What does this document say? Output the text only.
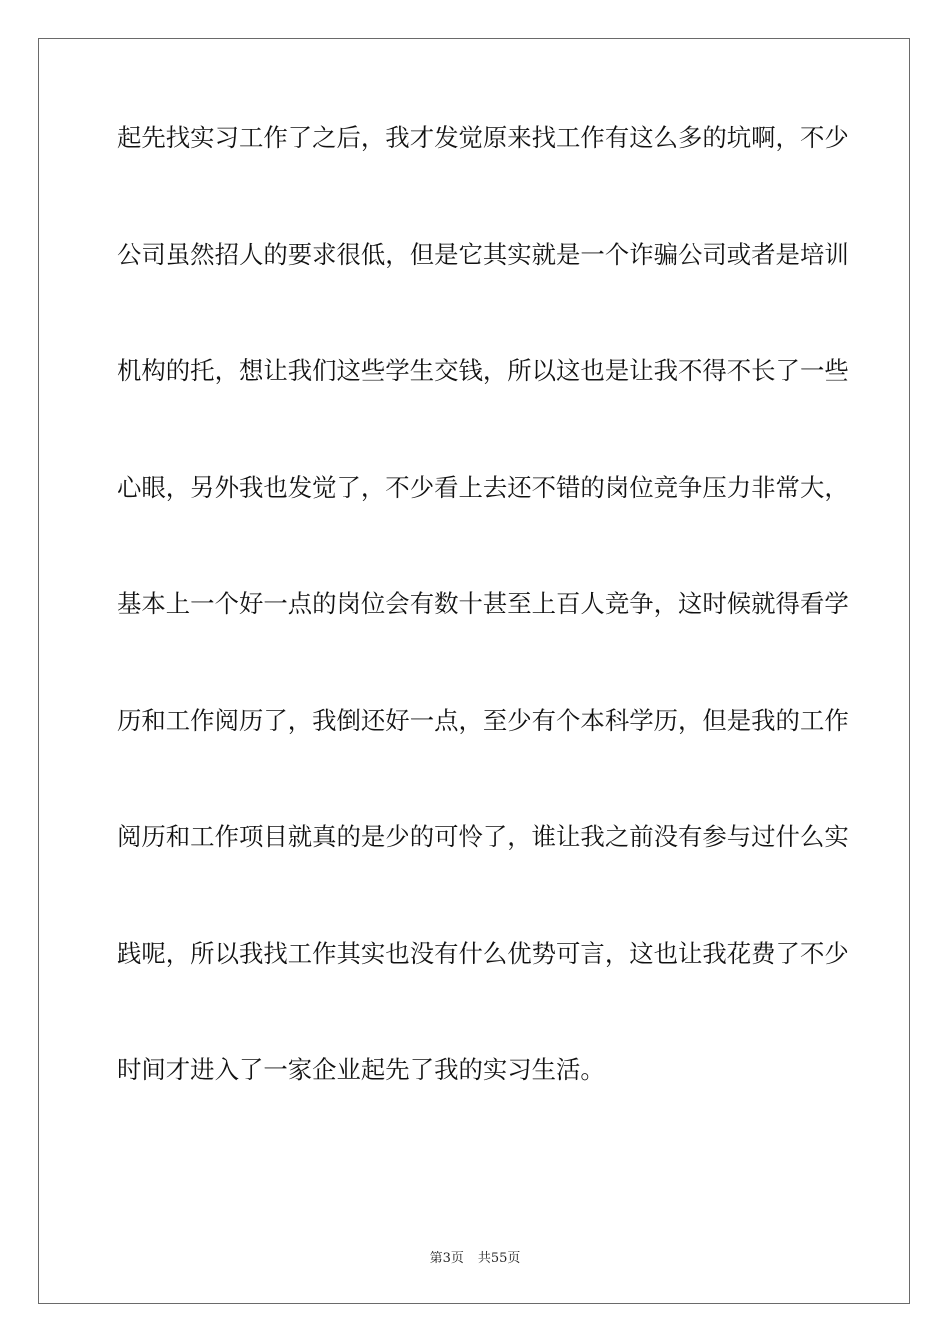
起先找实习工作了之后，我才发觉原来找工作有这么多的坑啊，不少
公司虽然招人的要求很低，但是它其实就是一个诈骗公司或者是培训
机构的托，想让我们这些学生交钱，所以这也是让我不得不长了一些
心眼，另外我也发觉了，不少看上去还不错的岗位竞争压力非常大，
基本上一个好一点的岗位会有数十甚至上百人竞争，这时候就得看学
历和工作阅历了，我倒还好一点，至少有个本科学历，但是我的工作
阅历和工作项目就真的是少的可怜了，谁让我之前没有参与过什么实
践呢，所以我找工作其实也没有什么优势可言，这也让我花费了不少
时间才进入了一家企业起先了我的实习生活。
第3页 共55页
